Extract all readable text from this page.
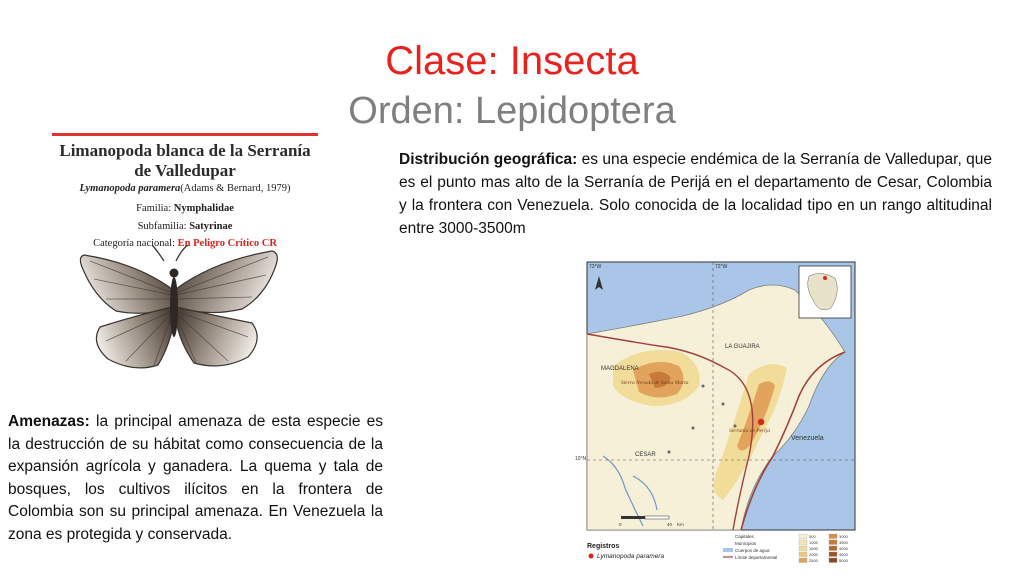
Clase: Insecta
Orden: Lepidoptera
Limanopoda blanca de la Serranía de Valledupar
Lymanopoda paramera(Adams & Bernard, 1979)
Familia: Nymphalidae
Subfamilia: Satyrinae
Categoría nacional: En Peligro Crítico CR
Distribución geográfica: es una especie endémica de la Serranía de Valledupar, que es el punto mas alto de la Serranía de Perijá en el departamento de Cesar, Colombia y la frontera con Venezuela. Solo conocida de la localidad tipo en un rango altitudinal entre 3000-3500m
Amenazas: la principal amenaza de esta especie es la destrucción de su hábitat como consecuencia de la expansión agrícola y ganadera. La quema y tala de bosques, los cultivos ilícitos en la frontera de Colombia son su principal amenaza. En Venezuela la zona es protegida y conservada.
LA GUAJIRA
MAGDALENA
CESAR
Venezuela
Sierra Nevada de Santa Marta
Serranía de Perijá
73°W	72°W
10°N
0	40 Km
Registros
Lymanopoda paramera
Capitales
Municipios
Cuerpos de agua
Límite departamental
500
1000
1500
2000
2500
3000
3500
4000
4500
5000
